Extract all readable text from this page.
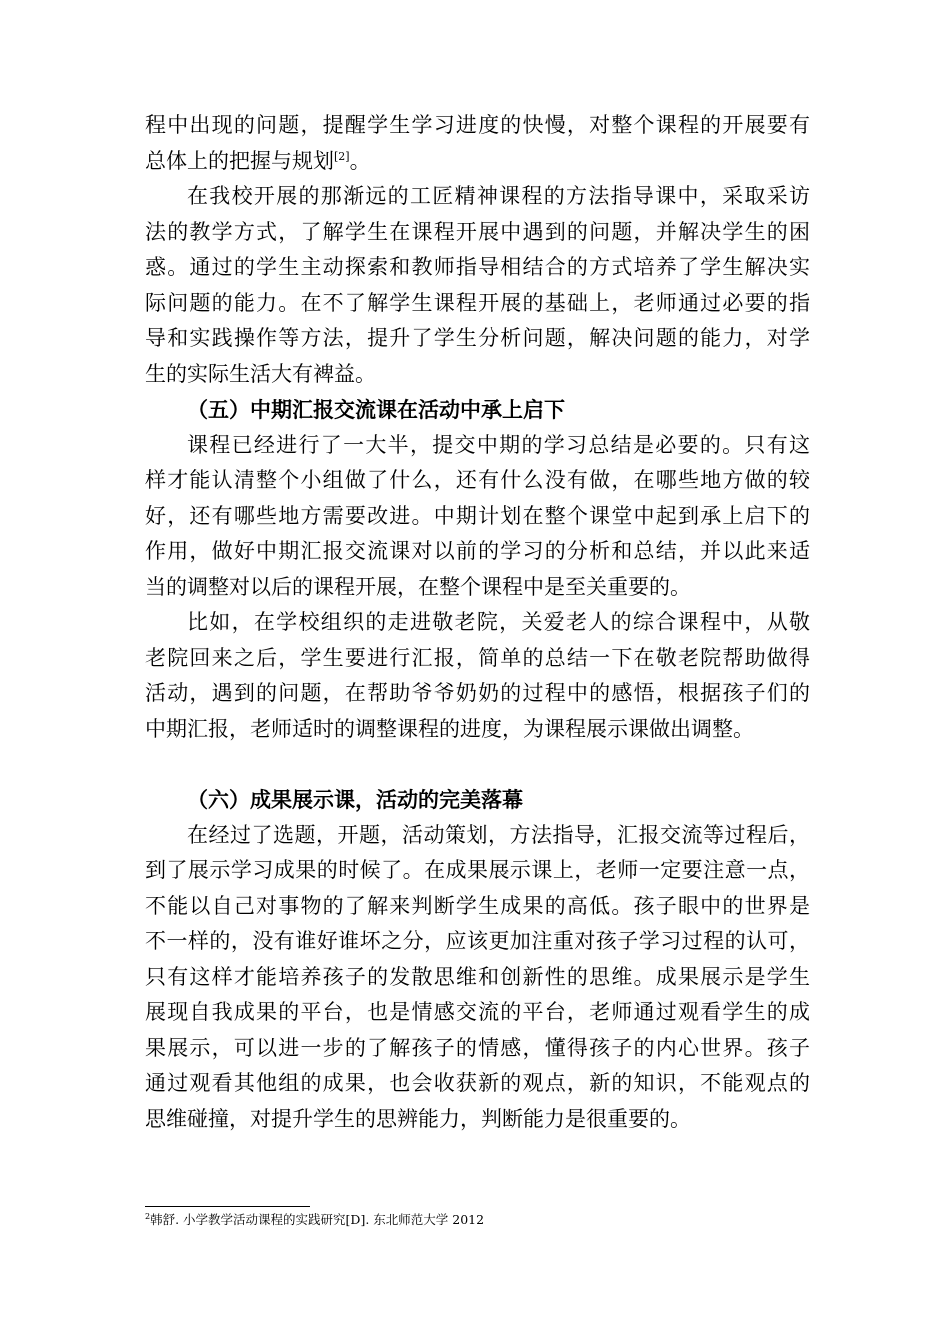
程中出现的问题，提醒学生学习进度的快慢，对整个课程的开展要有
总体上的把握与规划[2]。
在我校开展的那渐远的工匠精神课程的方法指导课中，采取采访
法的教学方式，了解学生在课程开展中遇到的问题，并解决学生的困
惑。通过的学生主动探索和教师指导相结合的方式培养了学生解决实
际问题的能力。在不了解学生课程开展的基础上，老师通过必要的指
导和实践操作等方法，提升了学生分析问题，解决问题的能力，对学
生的实际生活大有裨益。
（五）中期汇报交流课在活动中承上启下
课程已经进行了一大半，提交中期的学习总结是必要的。只有这
样才能认清整个小组做了什么，还有什么没有做，在哪些地方做的较
好，还有哪些地方需要改进。中期计划在整个课堂中起到承上启下的
作用，做好中期汇报交流课对以前的学习的分析和总结，并以此来适
当的调整对以后的课程开展，在整个课程中是至关重要的。
比如，在学校组织的走进敬老院，关爱老人的综合课程中，从敬
老院回来之后，学生要进行汇报，简单的总结一下在敬老院帮助做得
活动，遇到的问题，在帮助爷爷奶奶的过程中的感悟，根据孩子们的
中期汇报，老师适时的调整课程的进度，为课程展示课做出调整。
（六）成果展示课，活动的完美落幕
在经过了选题，开题，活动策划，方法指导，汇报交流等过程后，
到了展示学习成果的时候了。在成果展示课上，老师一定要注意一点，
不能以自己对事物的了解来判断学生成果的高低。孩子眼中的世界是
不一样的，没有谁好谁坏之分，应该更加注重对孩子学习过程的认可，
只有这样才能培养孩子的发散思维和创新性的思维。成果展示是学生
展现自我成果的平台，也是情感交流的平台，老师通过观看学生的成
果展示，可以进一步的了解孩子的情感，懂得孩子的内心世界。孩子
通过观看其他组的成果，也会收获新的观点，新的知识，不能观点的
思维碰撞，对提升学生的思辨能力，判断能力是很重要的。
$^2$韩舒. 小学教学活动课程的实践研究[D]. 东北师范大学 2012
